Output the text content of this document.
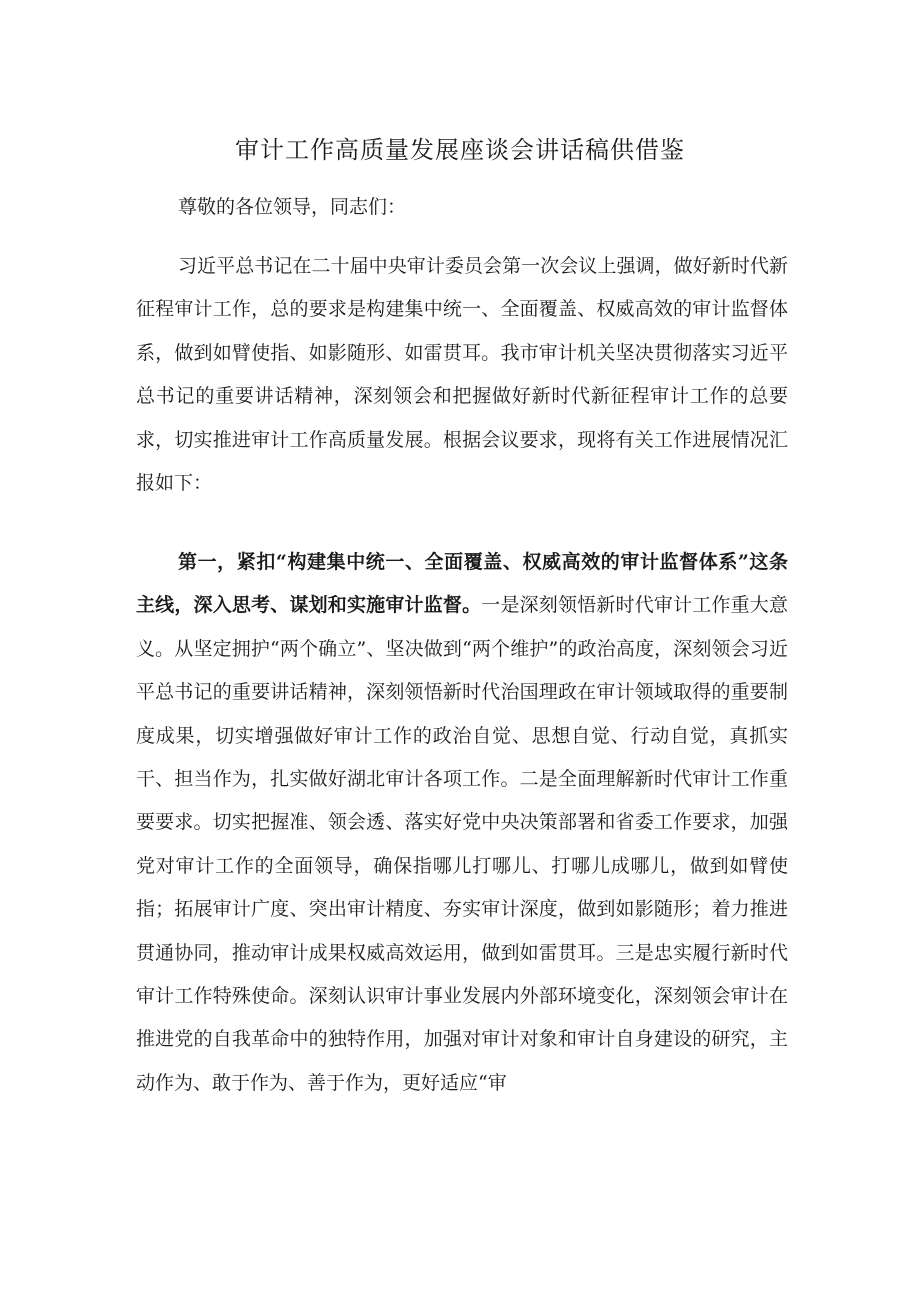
审计工作高质量发展座谈会讲话稿供借鉴

尊敬的各位领导，同志们：

习近平总书记在二十届中央审计委员会第一次会议上强调，做好新时代新征程审计工作，总的要求是构建集中统一、全面覆盖、权威高效的审计监督体系，做到如臂使指、如影随形、如雷贯耳。我市审计机关坚决贯彻落实习近平总书记的重要讲话精神，深刻领会和把握做好新时代新征程审计工作的总要求，切实推进审计工作高质量发展。根据会议要求，现将有关工作进展情况汇报如下：

第一，紧扣“构建集中统一、全面覆盖、权威高效的审计监督体系”这条主线，深入思考、谋划和实施审计监督。一是深刻领悟新时代审计工作重大意义。从坚定拥护“两个确立”、坚决做到“两个维护”的政治高度，深刻领会习近平总书记的重要讲话精神，深刻领悟新时代治国理政在审计领域取得的重要制度成果，切实增强做好审计工作的政治自觉、思想自觉、行动自觉，真抓实干、担当作为，扎实做好湖北审计各项工作。二是全面理解新时代审计工作重要要求。切实把握准、领会透、落实好党中央决策部署和省委工作要求，加强党对审计工作的全面领导，确保指哪儿打哪儿、打哪儿成哪儿，做到如臂使指；拓展审计广度、突出审计精度、夯实审计深度，做到如影随形；着力推进贯通协同，推动审计成果权威高效运用，做到如雷贯耳。三是忠实履行新时代审计工作特殊使命。深刻认识审计事业发展内外部环境变化，深刻领会审计在推进党的自我革命中的独特作用，加强对审计对象和审计自身建设的研究，主动作为、敢于作为、善于作为，更好适应“审
